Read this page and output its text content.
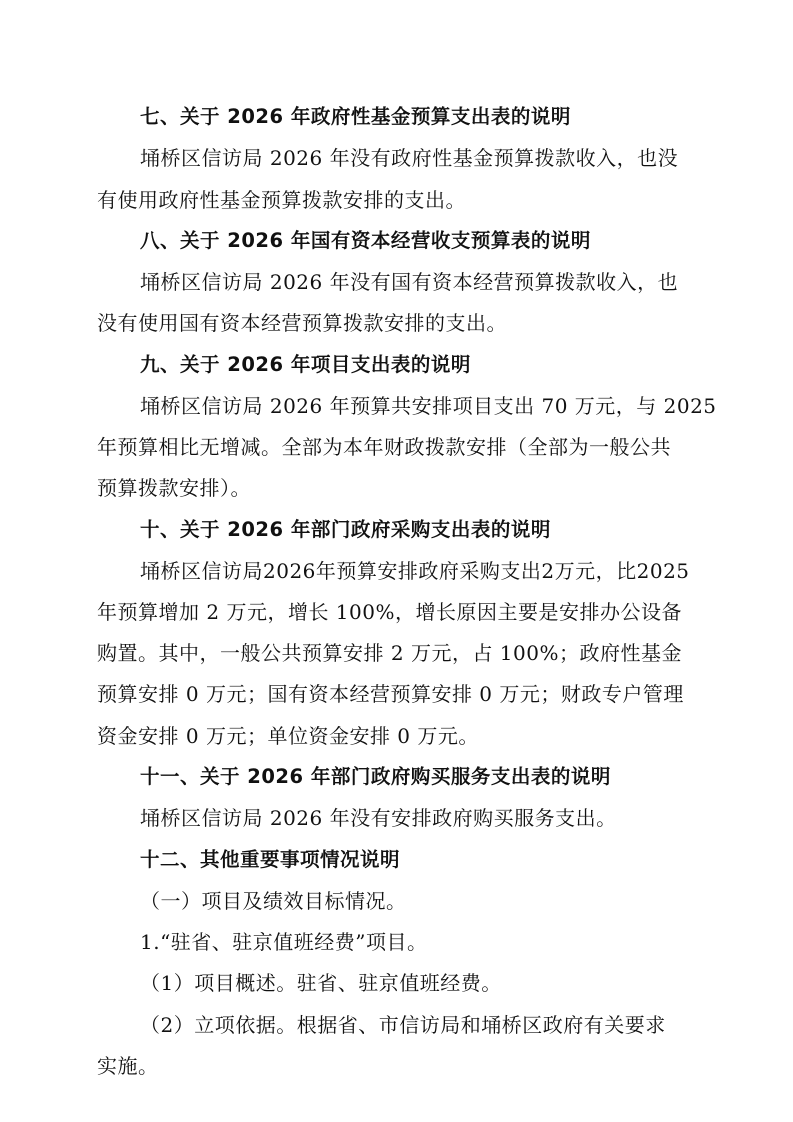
七、关于 2026 年政府性基金预算支出表的说明
埇桥区信访局 2026 年没有政府性基金预算拨款收入，也没
有使用政府性基金预算拨款安排的支出。
八、关于 2026 年国有资本经营收支预算表的说明
埇桥区信访局 2026 年没有国有资本经营预算拨款收入，也
没有使用国有资本经营预算拨款安排的支出。
九、关于 2026 年项目支出表的说明
埇桥区信访局 2026 年预算共安排项目支出 70 万元，与 2025
年预算相比无增减。全部为本年财政拨款安排（全部为一般公共
预算拨款安排）。
十、关于 2026 年部门政府采购支出表的说明
埇桥区信访局2026年预算安排政府采购支出2万元，比2025
年预算增加 2 万元，增长 100%，增长原因主要是安排办公设备
购置。其中，一般公共预算安排 2 万元，占 100%；政府性基金
预算安排 0 万元；国有资本经营预算安排 0 万元；财政专户管理
资金安排 0 万元；单位资金安排 0 万元。
十一、关于 2026 年部门政府购买服务支出表的说明
埇桥区信访局 2026 年没有安排政府购买服务支出。
十二、其他重要事项情况说明
（一）项目及绩效目标情况。
1.“驻省、驻京值班经费”项目。
（1）项目概述。驻省、驻京值班经费。
（2）立项依据。根据省、市信访局和埇桥区政府有关要求
实施。
